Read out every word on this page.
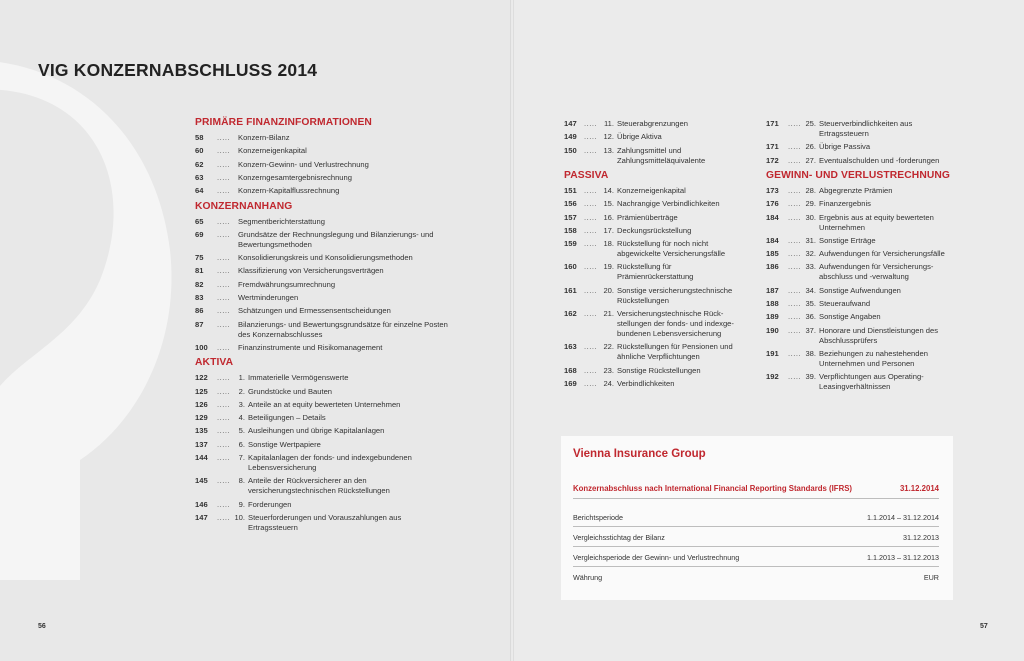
VIG KONZERNABSCHLUSS 2014
PRIMÄRE FINANZINFORMATIONEN
58	..... Konzern-Bilanz
60	..... Konzerneigenkapital
62	..... Konzern-Gewinn- und Verlustrechnung
63	..... Konzerngesamtergebnisrechnung
64	..... Konzern-Kapitalflussrechnung
KONZERNANHANG
65	..... Segmentberichterstattung
69	..... Grundsätze der Rechnungslegung und Bilanzierungs- und
Bewertungsmethoden
75	..... Konsolidierungskreis und Konsolidierungsmethoden
81	..... Klassifizierung von Versicherungsverträgen
82	..... Fremdwährungsumrechnung
83	..... Wertminderungen
86	..... Schätzungen und Ermessensentscheidungen
87	..... Bilanzierungs- und Bewertungsgrundsätze für einzelne Posten
des Konzernabschlusses
100	..... Finanzinstrumente und Risikomanagement
AKTIVA
122	.....	1. Immaterielle Vermögenswerte
125	.....	2. Grundstücke und Bauten
126	.....	3. Anteile an at equity bewerteten Unternehmen
129	.....	4. Beteiligungen – Details
135	.....	5. Ausleihungen und übrige Kapitalanlagen
137	.....	6. Sonstige Wertpapiere
144	.....	7. Kapitalanlagen der fonds- und indexgebundenen
Lebensversicherung
145	.....	8. Anteile der Rückversicherer an den
versicherungstechnischen Rückstellungen
146	.....	9. Forderungen
147	..... 10. Steuerforderungen und Vorauszahlungen aus
Ertragssteuern
56
147 ..... 11. Steuerabgrenzungen
149 ..... 12. Übrige Aktiva
150 ..... 13. Zahlungsmittel und
Zahlungsmitteläquivalente
PASSIVA
151 ..... 14. Konzerneigenkapital
156 ..... 15. Nachrangige Verbindlichkeiten
157 ..... 16. Prämienüberträge
158 ..... 17. Deckungsrückstellung
159 ..... 18. Rückstellung für noch nicht
abgewickelte Versicherungsfälle
160 ..... 19. Rückstellung für
Prämienrückerstattung
161 ..... 20. Sonstige versicherungstechnische
Rückstellungen
162 ..... 21. Versicherungstechnische Rück-
stellungen der fonds- und indexge-
bundenen Lebensversicherung
163 ..... 22. Rückstellungen für Pensionen und
ähnliche Verpflichtungen
168 ..... 23. Sonstige Rückstellungen
169 ..... 24. Verbindlichkeiten
171	..... 25. Steuerverbindlichkeiten aus
Ertragssteuern
171	..... 26. Übrige Passiva
172	..... 27. Eventualschulden und -forderungen
GEWINN- UND VERLUSTRECHNUNG
173	..... 28. Abgegrenzte Prämien
176	..... 29. Finanzergebnis
184	..... 30. Ergebnis aus at equity bewerteten
Unternehmen
184	..... 31. Sonstige Erträge
185	..... 32. Aufwendungen für Versicherungsfälle
186	..... 33. Aufwendungen für Versicherungs-
abschluss und -verwaltung
187	..... 34. Sonstige Aufwendungen
188	..... 35. Steueraufwand
189	..... 36. Sonstige Angaben
190	..... 37. Honorare und Dienstleistungen des
Abschlussprüfers
191	..... 38. Beziehungen zu nahestehenden
Unternehmen und Personen
192	..... 39. Verpflichtungen aus Operating-
Leasingverhältnissen
Vienna Insurance Group
Konzernabschluss nach International Financial Reporting Standards (IFRS)	31.12.2014
Berichtsperiode	1.1.2014 – 31.12.2014
Vergleichsstichtag der Bilanz	31.12.2013
Vergleichsperiode der Gewinn- und Verlustrechnung	1.1.2013 – 31.12.2013
Währung	EUR
57
